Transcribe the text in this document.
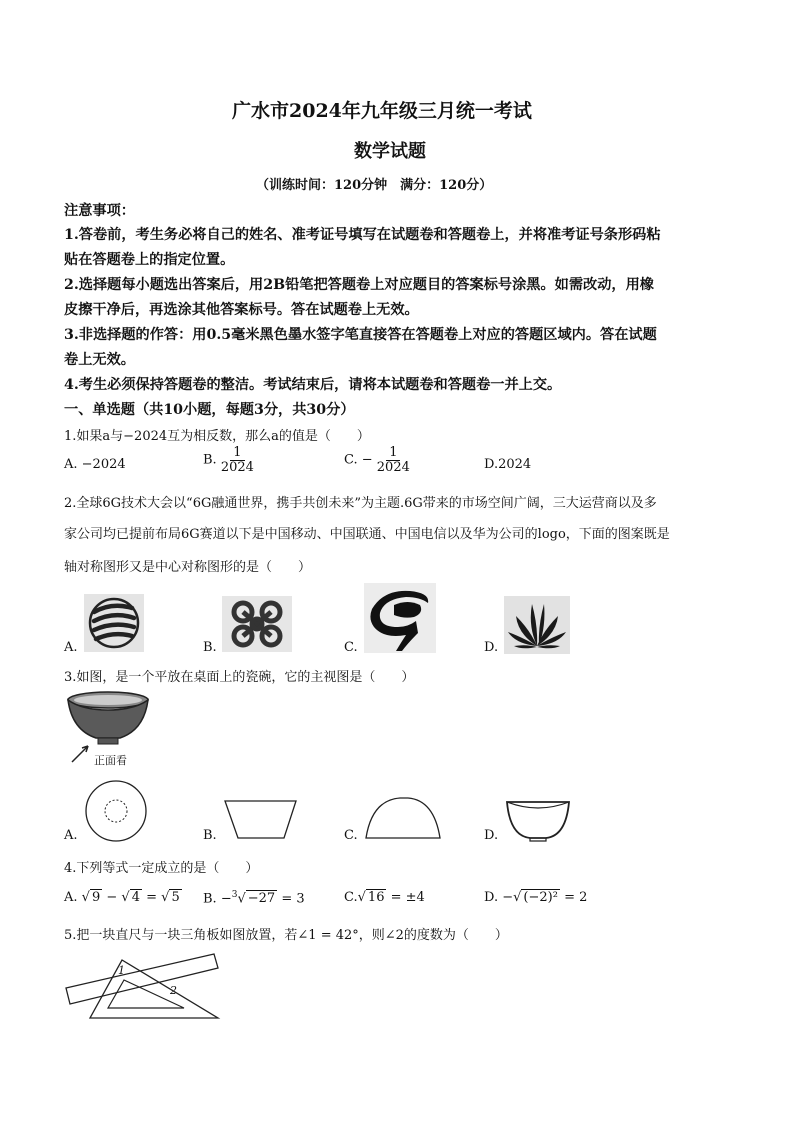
广水市2024年九年级三月统一考试
数学试题
（训练时间：120分钟　满分：120分）
注意事项：
1.答卷前，考生务必将自己的姓名、准考证号填写在试题卷和答题卷上，并将准考证号条形码粘
贴在答题卷上的指定位置。
2.选择题每小题选出答案后，用2B铅笔把答题卷上对应题目的答案标号涂黑。如需改动，用橡
皮擦干净后，再选涂其他答案标号。答在试题卷上无效。
3.非选择题的作答：用0.5毫米黑色墨水签字笔直接答在答题卷上对应的答题区域内。答在试题
卷上无效。
4.考生必须保持答题卷的整洁。考试结束后，请将本试题卷和答题卷一并上交。
一、单选题（共10小题，每题3分，共30分）
1.如果a与−2024互为相反数，那么a的值是（　　）
A. −2024	B. $\frac{1}{2024}$	C. − $\frac{1}{2024}$	D.2024
2.全球6G技术大会以“6G融通世界，携手共创未来”为主题.6G带来的市场空间广阔，三大运营商以及多
家公司均已提前布局6G赛道以下是中国移动、中国联通、中国电信以及华为公司的logo，下面的图案既是
轴对称图形又是中心对称图形的是（　　）
A.	B.	C.	D.
3.如图，是一个平放在桌面上的瓷碗，它的主视图是（　　）
正面看
A.	B.	C.	D.
4.下列等式一定成立的是（　　）
A. √ 9 − √ 4 = √ 5 B. −$^3$√ −27 = 3	C.√ 16 = ±4	D. −√ (−2)² = 2
5.把一块直尺与一块三角板如图放置，若∠1 = 42°，则∠2的度数为（　　）
1
2
